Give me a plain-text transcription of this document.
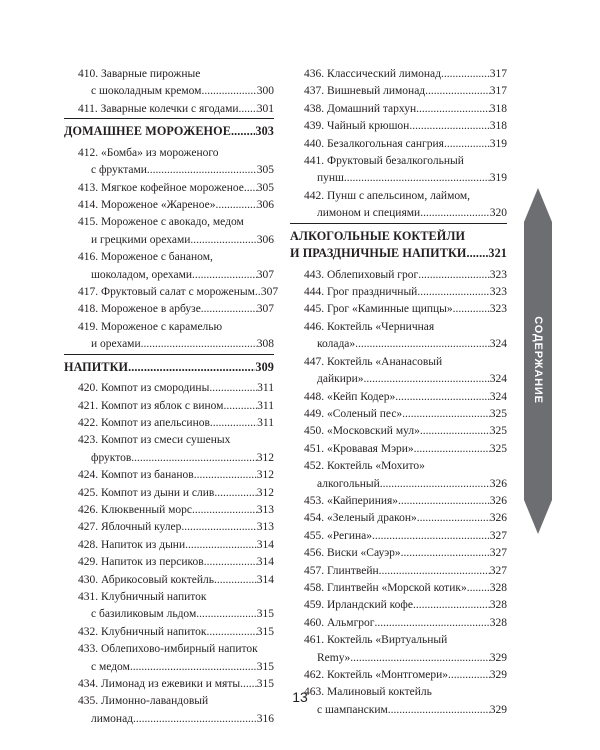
410. Заварные пирожные
с шоколадным кремом .....	300
411. Заварные колечки с ягодами ..... 301
ДОМАШНЕЕ МОРОЖЕНОЕ ..... 303
412. «Бомба» из мороженого
с фруктами .....	305
413. Мягкое кофейное мороженое ..... 305
414. Мороженое «Жареное» .....	306
415. Мороженое с авокадо, медом
и грецкими орехами .....	306
416. Мороженое с бананом,
шоколадом, орехами .....	307
417. Фруктовый салат с мороженым ..... 307
418. Мороженое в арбузе .....	307
419. Мороженое с карамелью
и орехами .....	308
НАПИТКИ .....	309
420. Компот из смородины .....	311
421. Компот из яблок с вином .....	311
422. Компот из апельсинов .....	311
423. Компот из смеси сушеных
фруктов .....	312
424. Компот из бананов .....	312
425. Компот из дыни и слив .....	312
426. Клюквенный морс .....	313
427. Яблочный кулер .....	313
428. Напиток из дыни .....	314
429. Напиток из персиков .....	314
430. Абрикосовый коктейль .....	314
431. Клубничный напиток
с базиликовым льдом .....	315
432. Клубничный напиток .....	315
433. Облепихово-имбирный напиток
с медом .....	315
434. Лимонад из ежевики и мяты ..... 315
435. Лимонно-лавандовый
лимонад .....	316
436. Классический лимонад .....	317
437. Вишневый лимонад .....	317
438. Домашний тархун .....	318
439. Чайный крюшон .....	318
440. Безалкогольная сангрия .....	319
441. Фруктовый безалкогольный
пунш .....	319
442. Пунш с апельсином, лаймом,
лимоном и специями .....	320
АЛКОГОЛЬНЫЕ КОКТЕЙЛИ
И ПРАЗДНИЧНЫЕ НАПИТКИ ..... 321
443. Облепиховый грог .....	323
444. Грог праздничный .....	323
445. Грог «Каминные щипцы» .....	323
446. Коктейль «Черничная
колада» .....	324
447. Коктейль «Ананасовый
дайкири» .....	324
448. «Кейп Кодер» .....	324
449. «Соленый пес» .....	325
450. «Московский мул» .....	325
451. «Кровавая Мэри» .....	325
452. Коктейль «Мохито»
алкогольный .....	326
453. «Кайпериния» .....	326
454. «Зеленый дракон» .....	326
455. «Регина» .....	327
456. Виски «Сауэр» .....	327
457. Глинтвейн .....	327
458. Глинтвейн «Морской котик» ..... 328
459. Ирландский кофе .....	328
460. Альмгрог .....	328
461. Коктейль «Виртуальный
Remy» .....	329
462. Коктейль «Монтгомери» .....	329
463. Малиновый коктейль
с шампанским .....	329
СОДЕРЖАНИЕ
13
